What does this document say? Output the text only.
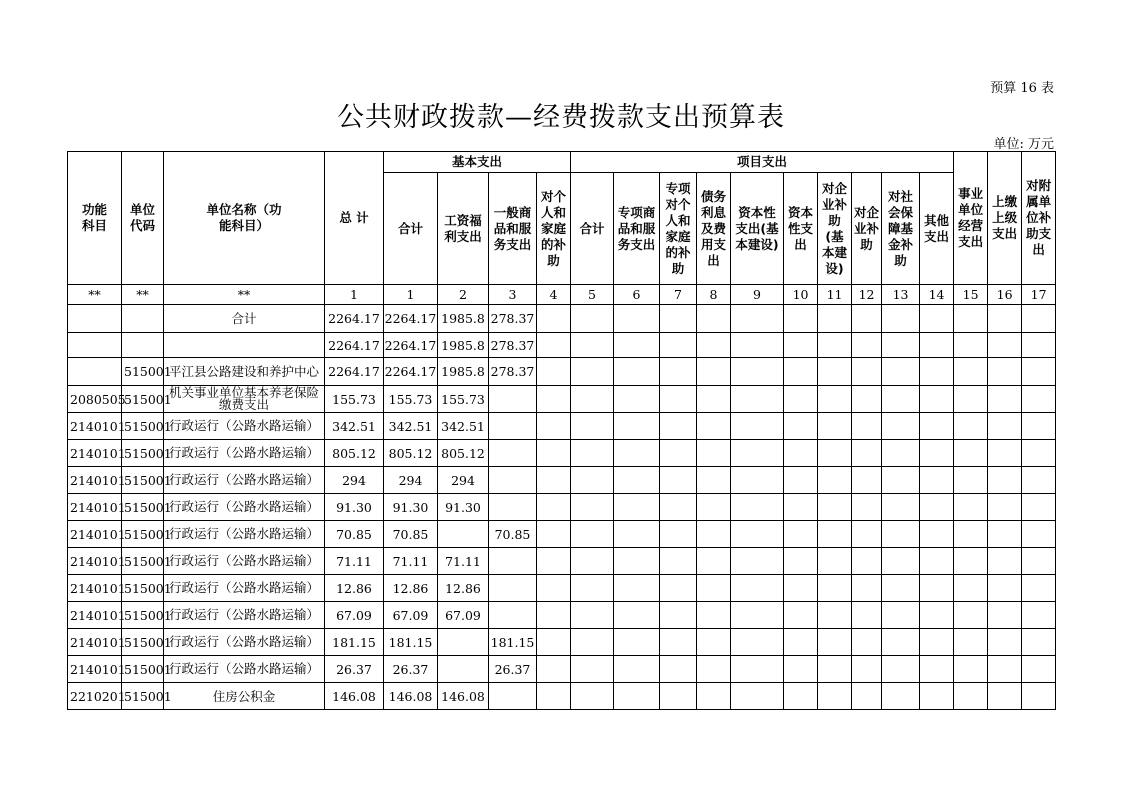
预算 16 表
公共财政拨款—经费拨款支出预算表
单位: 万元
功能科目	单位代码	单位名称（功能科目）	总 计	基本支出				项目支出										事业单位经营支出	上缴上级支出	对附属单位补助支出

				合计	工资福利支出	一般商品和服务支出	对个人和家庭的补助	合计	专项商品和服务支出	专项对个人和家庭的补助	债务利息及费用支出	资本性支出(基本建设)	资本性支出	对企业补助(基本建设)	对企业补助	对社会保障基金补助	其他支出			

**	**	**	1	1	2	3	4	5	6	7	8	9	10	11	12	13	14	15	16	17
		合计	2264.17	2264.17	1985.8	278.37														
			2264.17	2264.17	1985.8	278.37														
	515001	平江县公路建设和养护中心	2264.17	2264.17	1985.8	278.37														
2080505	515001	机关事业单位基本养老保险缴费支出	155.73	155.73	155.73															
2140101	515001	行政运行（公路水路运输）	342.51	342.51	342.51															
2140101	515001	行政运行（公路水路运输）	805.12	805.12	805.12															
2140101	515001	行政运行（公路水路运输）	294	294	294															
2140101	515001	行政运行（公路水路运输）	91.30	91.30	91.30															
2140101	515001	行政运行（公路水路运输）	70.85	70.85		70.85														
2140101	515001	行政运行（公路水路运输）	71.11	71.11	71.11															
2140101	515001	行政运行（公路水路运输）	12.86	12.86	12.86															
2140101	515001	行政运行（公路水路运输）	67.09	67.09	67.09															
2140101	515001	行政运行（公路水路运输）	181.15	181.15		181.15														
2140101	515001	行政运行（公路水路运输）	26.37	26.37		26.37														
2210201	515001	住房公积金	146.08	146.08	146.08															
